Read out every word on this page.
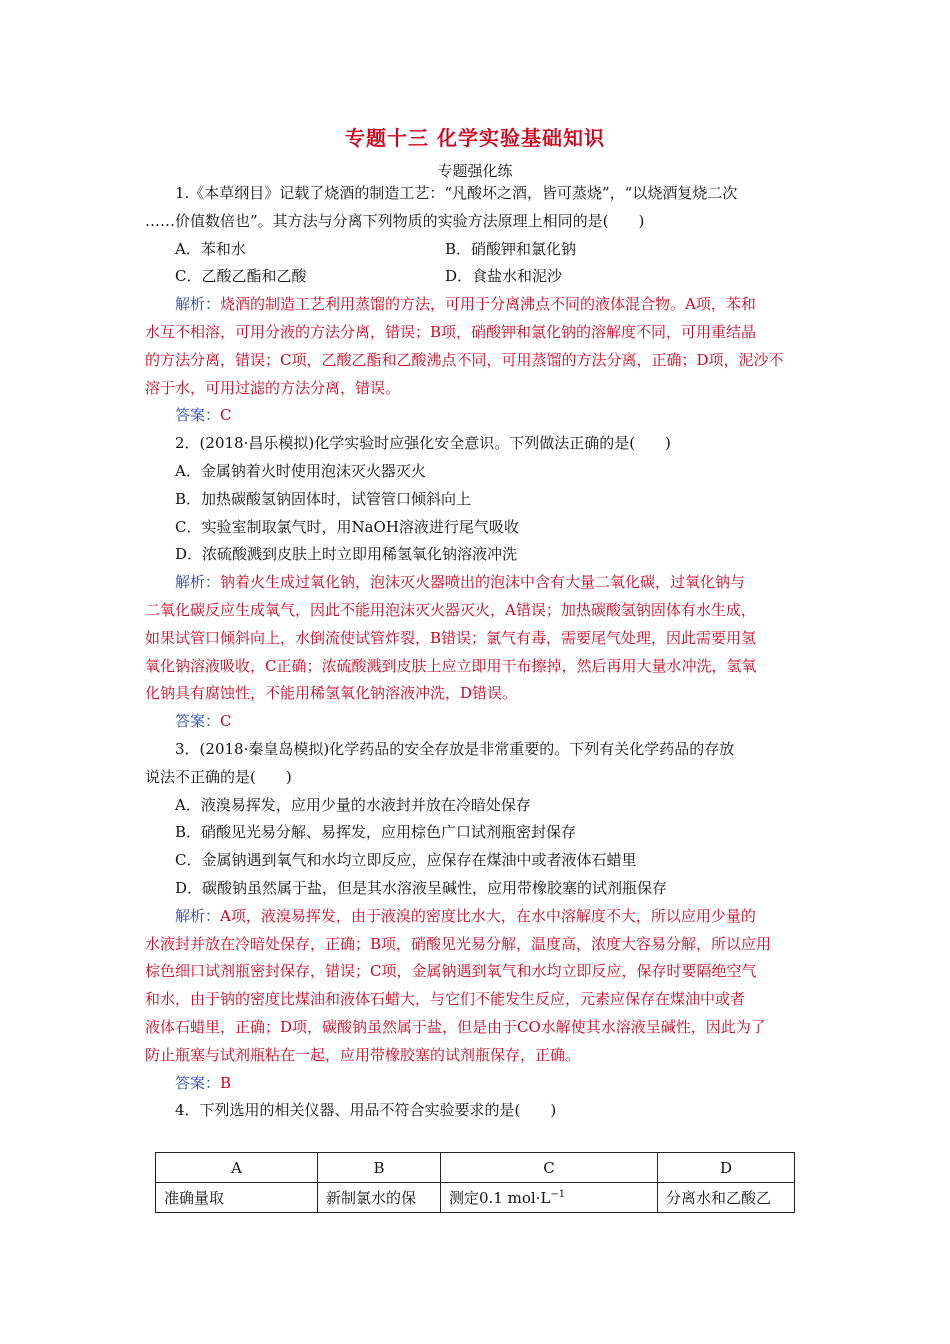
专题十三 化学实验基础知识
专题强化练

1.《本草纲目》记载了烧酒的制造工艺：“凡酸坏之酒，皆可蒸烧”，“以烧酒复烧二次

……价值数倍也”。其方法与分离下列物质的实验方法原理上相同的是(　　)

A．苯和水	B．硝酸钾和氯化钠
C．乙酸乙酯和乙酸	D．食盐水和泥沙

解析：烧酒的制造工艺利用蒸馏的方法，可用于分离沸点不同的液体混合物。A项，苯和

水互不相溶，可用分液的方法分离，错误；B项，硝酸钾和氯化钠的溶解度不同，可用重结晶

的方法分离，错误；C项，乙酸乙酯和乙酸沸点不同，可用蒸馏的方法分离，正确；D项，泥沙不

溶于水，可用过滤的方法分离，错误。

答案：C

2．(2018·昌乐模拟)化学实验时应强化安全意识。下列做法正确的是(　　)

A．金属钠着火时使用泡沫灭火器灭火

B．加热碳酸氢钠固体时，试管管口倾斜向上

C．实验室制取氯气时，用NaOH溶液进行尾气吸收

D．浓硫酸溅到皮肤上时立即用稀氢氧化钠溶液冲洗

解析：钠着火生成过氧化钠，泡沫灭火器喷出的泡沫中含有大量二氧化碳，过氧化钠与

二氧化碳反应生成氧气，因此不能用泡沫灭火器灭火，A错误；加热碳酸氢钠固体有水生成，

如果试管口倾斜向上，水倒流使试管炸裂，B错误；氯气有毒，需要尾气处理，因此需要用氢

氧化钠溶液吸收，C正确；浓硫酸溅到皮肤上应立即用干布擦掉，然后再用大量水冲洗，氢氧

化钠具有腐蚀性，不能用稀氢氧化钠溶液冲洗，D错误。

答案：C

3．(2018·秦皇岛模拟)化学药品的安全存放是非常重要的。下列有关化学药品的存放

说法不正确的是(　　)

A．液溴易挥发，应用少量的水液封并放在冷暗处保存

B．硝酸见光易分解、易挥发，应用棕色广口试剂瓶密封保存

C．金属钠遇到氧气和水均立即反应，应保存在煤油中或者液体石蜡里

D．碳酸钠虽然属于盐，但是其水溶液呈碱性，应用带橡胶塞的试剂瓶保存

解析：A项，液溴易挥发，由于液溴的密度比水大，在水中溶解度不大，所以应用少量的

水液封并放在冷暗处保存，正确；B项，硝酸见光易分解，温度高，浓度大容易分解，所以应用

棕色细口试剂瓶密封保存，错误；C项，金属钠遇到氧气和水均立即反应，保存时要隔绝空气

和水，由于钠的密度比煤油和液体石蜡大，与它们不能发生反应，元素应保存在煤油中或者

液体石蜡里，正确；D项，碳酸钠虽然属于盐，但是由于CO水解使其水溶液呈碱性，因此为了

防止瓶塞与试剂瓶粘在一起，应用带橡胶塞的试剂瓶保存，正确。

答案：B

4．下列选用的相关仪器、用品不符合实验要求的是(　　)

A	B	C	D
准确量取	新制氯水的保	测定0.1 $mol\cdot L^{-1}$	分离水和乙酸乙
